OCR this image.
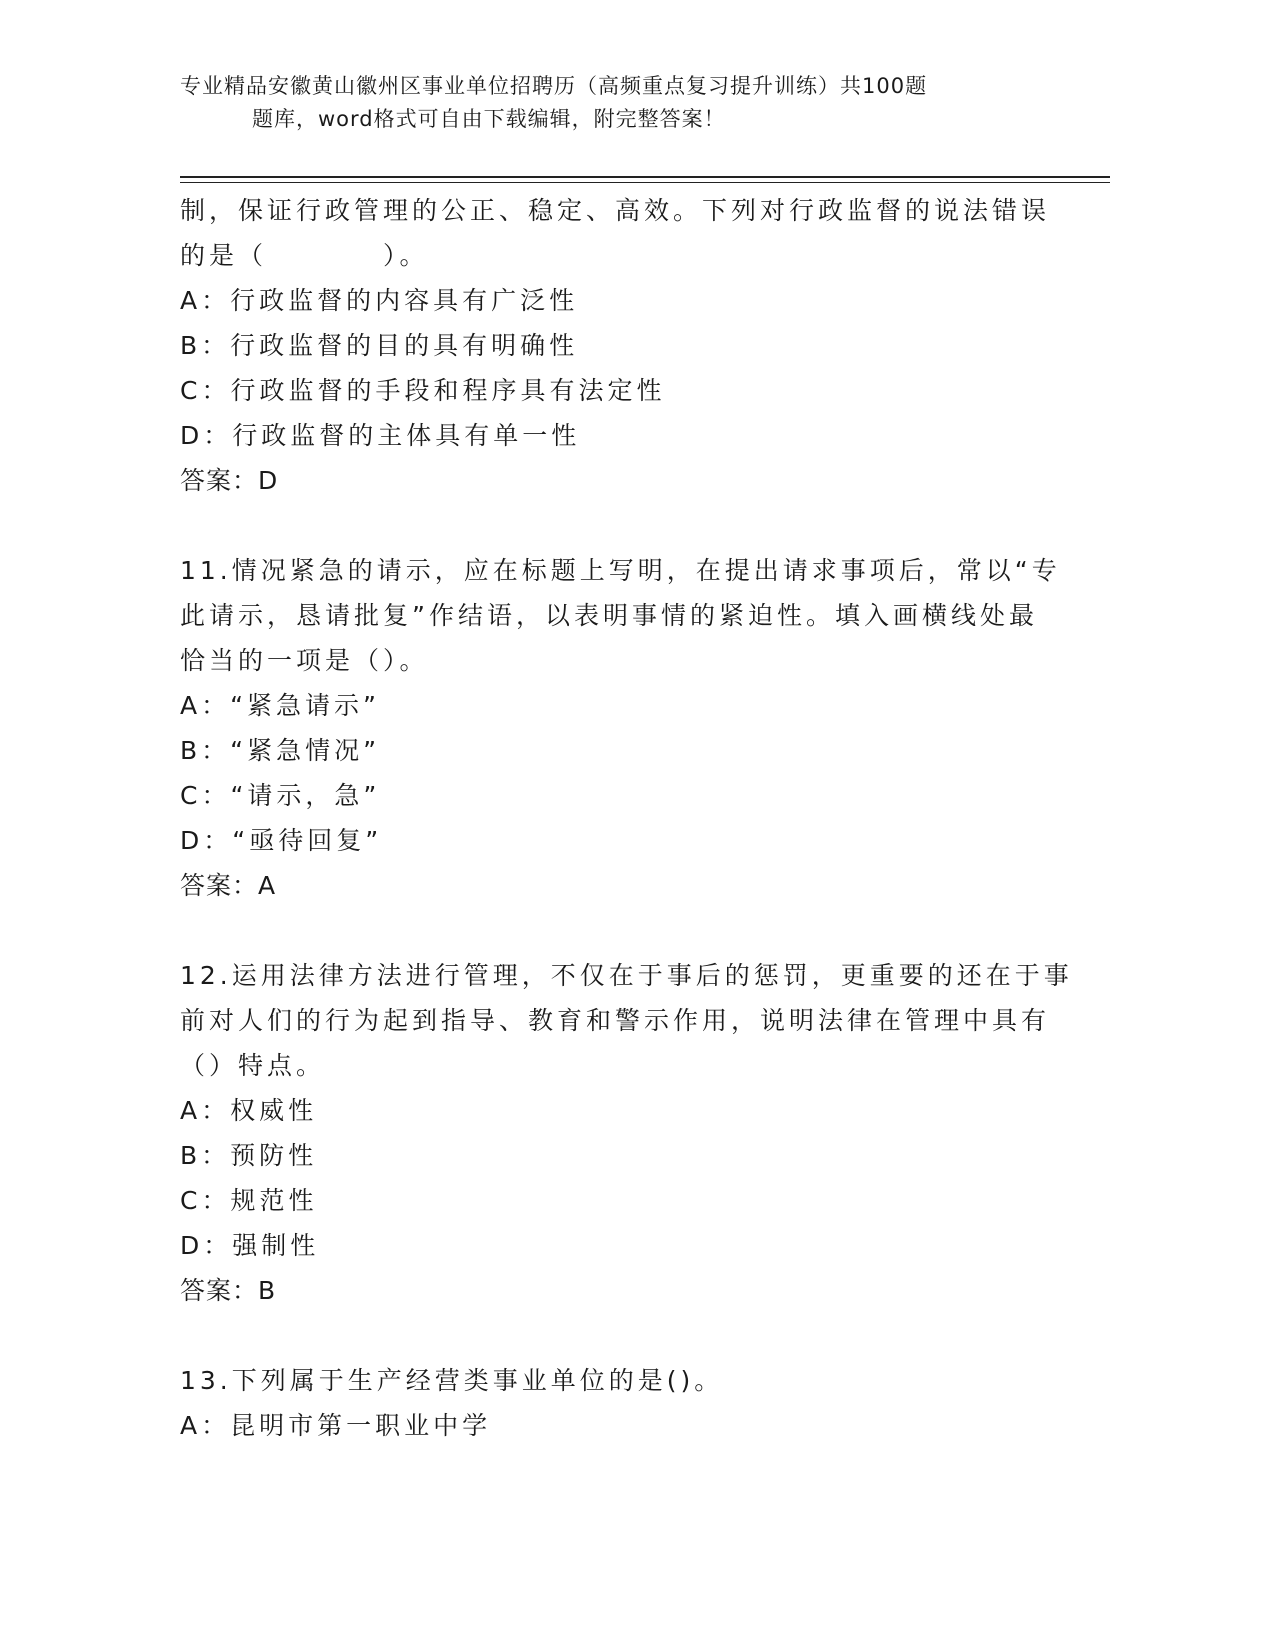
专业精品安徽黄山徽州区事业单位招聘历（高频重点复习提升训练）共100题
题库，word格式可自由下载编辑，附完整答案！
制，保证行政管理的公正、稳定、高效。下列对行政监督的说法错误
的是（　　　　）。
A：行政监督的内容具有广泛性
B：行政监督的目的具有明确性
C：行政监督的手段和程序具有法定性
D：行政监督的主体具有单一性
答案：D
11.情况紧急的请示，应在标题上写明，在提出请求事项后，常以“专
此请示，恳请批复”作结语，以表明事情的紧迫性。填入画横线处最
恰当的一项是（）。
A：“紧急请示”
B：“紧急情况”
C：“请示，急”
D：“亟待回复”
答案：A
12.运用法律方法进行管理，不仅在于事后的惩罚，更重要的还在于事
前对人们的行为起到指导、教育和警示作用，说明法律在管理中具有
（）特点。
A：权威性
B：预防性
C：规范性
D：强制性
答案：B
13.下列属于生产经营类事业单位的是()。
A：昆明市第一职业中学
